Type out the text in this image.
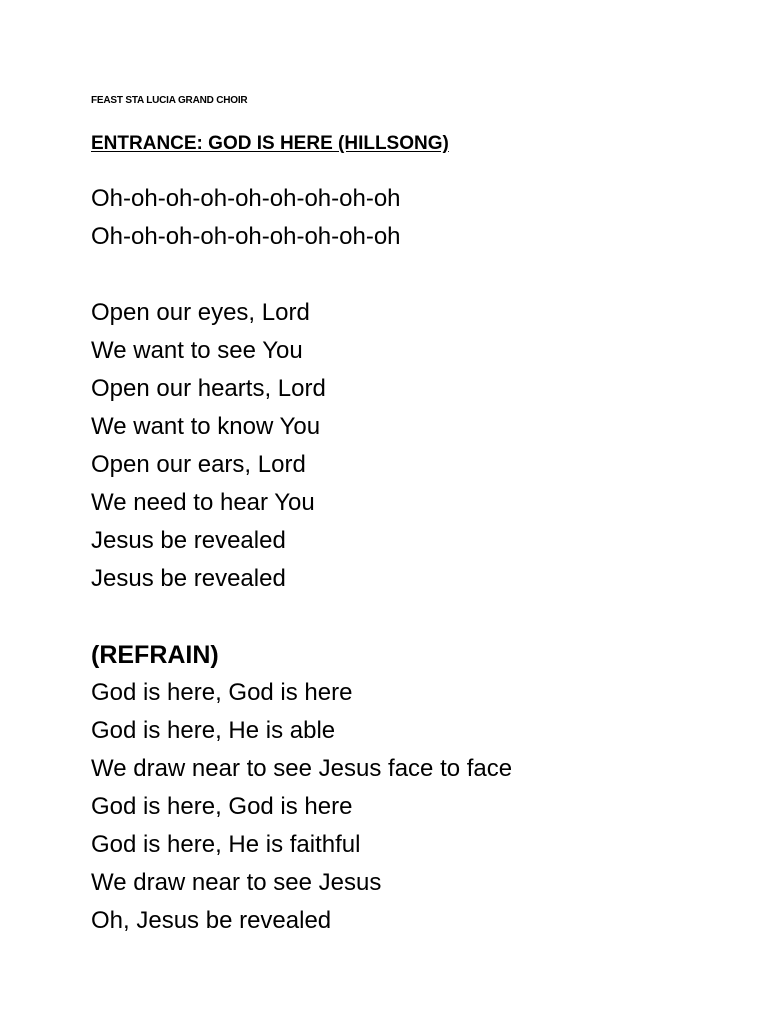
FEAST STA LUCIA GRAND CHOIR
ENTRANCE: GOD IS HERE (HILLSONG)
Oh-oh-oh-oh-oh-oh-oh-oh-oh
Oh-oh-oh-oh-oh-oh-oh-oh-oh
Open our eyes, Lord
We want to see You
Open our hearts, Lord
We want to know You
Open our ears, Lord
We need to hear You
Jesus be revealed
Jesus be revealed
(REFRAIN)
God is here, God is here
God is here, He is able
We draw near to see Jesus face to face
God is here, God is here
God is here, He is faithful
We draw near to see Jesus
Oh, Jesus be revealed
